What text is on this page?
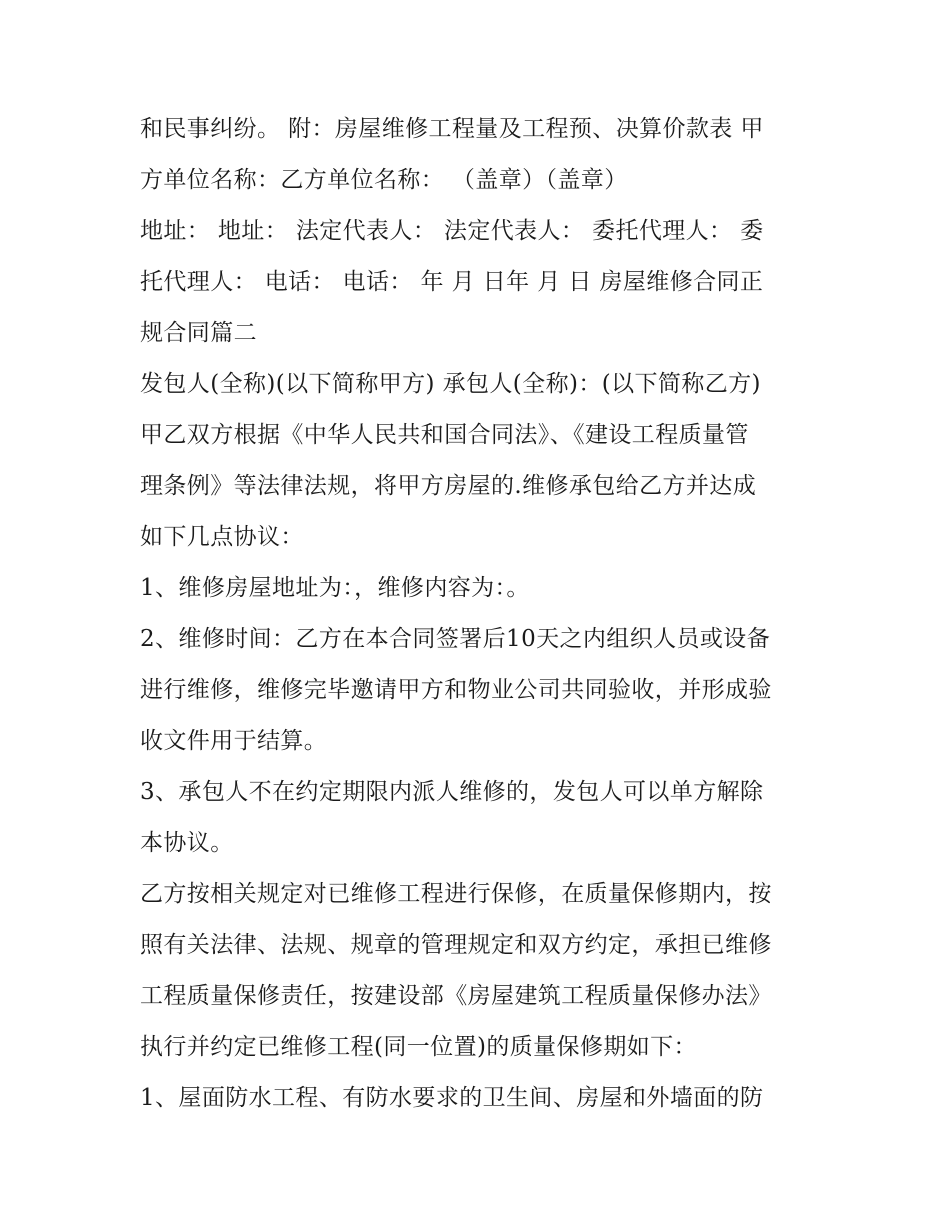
和民事纠纷。 附：房屋维修工程量及工程预、决算价款表 甲
方单位名称：乙方单位名称： （盖章）（盖章）
地址： 地址： 法定代表人： 法定代表人： 委托代理人： 委
托代理人： 电话： 电话： 年 月 日年 月 日 房屋维修合同正
规合同篇二
发包人(全称)(以下简称甲方) 承包人(全称)：(以下简称乙方)
甲乙双方根据《中华人民共和国合同法》、《建设工程质量管
理条例》等法律法规，将甲方房屋的.维修承包给乙方并达成
如下几点协议：
1、维修房屋地址为：，维修内容为：。
2、维修时间：乙方在本合同签署后10天之内组织人员或设备
进行维修，维修完毕邀请甲方和物业公司共同验收，并形成验
收文件用于结算。
3、承包人不在约定期限内派人维修的，发包人可以单方解除
本协议。
乙方按相关规定对已维修工程进行保修，在质量保修期内，按
照有关法律、法规、规章的管理规定和双方约定，承担已维修
工程质量保修责任，按建设部《房屋建筑工程质量保修办法》
执行并约定已维修工程(同一位置)的质量保修期如下：
1、屋面防水工程、有防水要求的卫生间、房屋和外墙面的防
